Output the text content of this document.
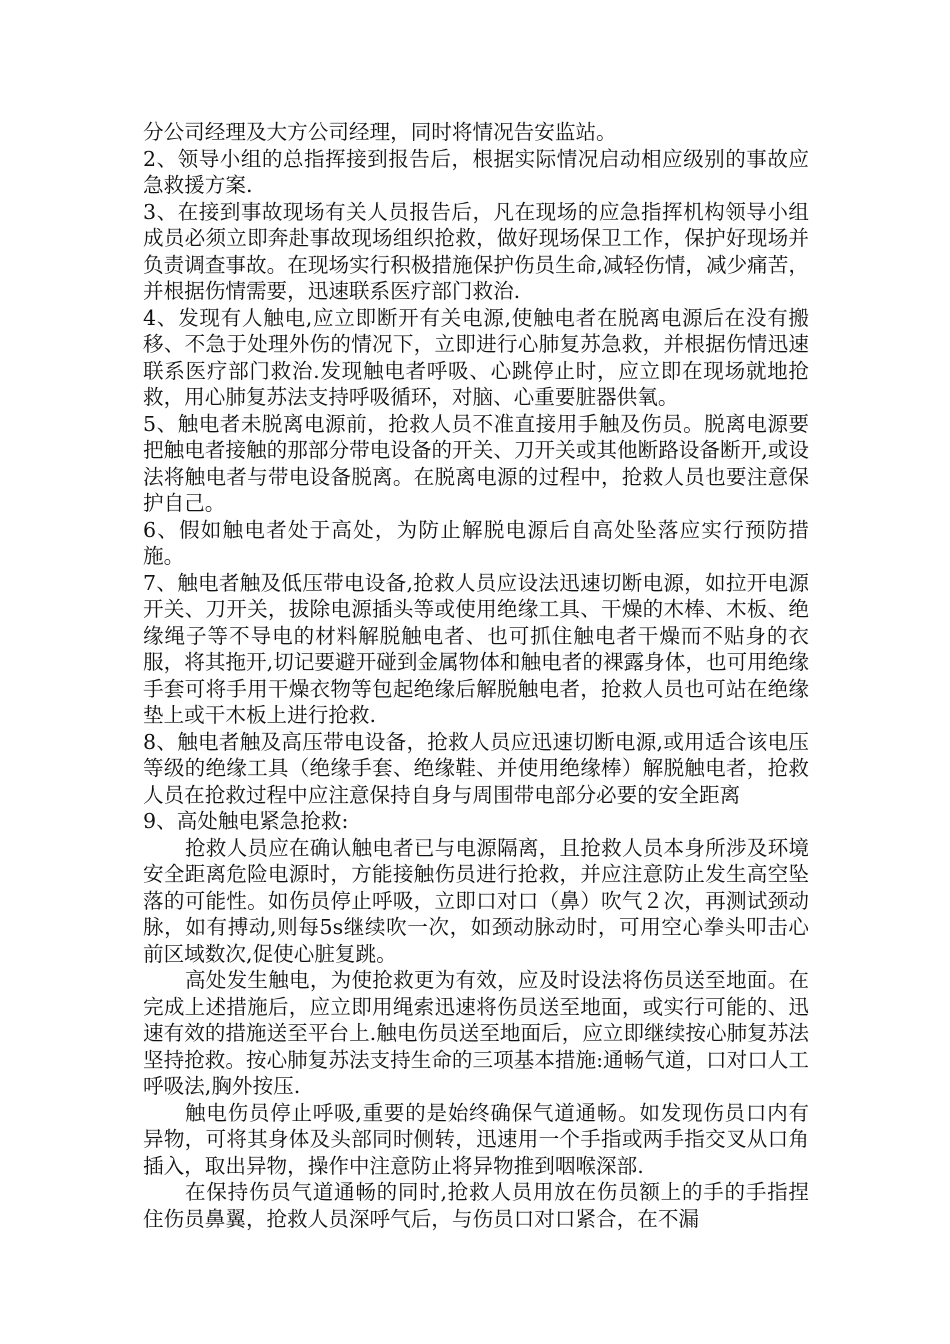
分公司经理及大方公司经理，同时将情况告安监站。

2、领导小组的总指挥接到报告后，根据实际情况启动相应级别的事故应急救援方案.

3、在接到事故现场有关人员报告后，凡在现场的应急指挥机构领导小组成员必须立即奔赴事故现场组织抢救，做好现场保卫工作，保护好现场并负责调查事故。在现场实行积极措施保护伤员生命,减轻伤情，减少痛苦，并根据伤情需要，迅速联系医疗部门救治.

4、发现有人触电,应立即断开有关电源,使触电者在脱离电源后在没有搬移、不急于处理外伤的情况下，立即进行心肺复苏急救，并根据伤情迅速联系医疗部门救治.发现触电者呼吸、心跳停止时，应立即在现场就地抢救，用心肺复苏法支持呼吸循环，对脑、心重要脏器供氧。

5、触电者未脱离电源前，抢救人员不准直接用手触及伤员。脱离电源要把触电者接触的那部分带电设备的开关、刀开关或其他断路设备断开,或设法将触电者与带电设备脱离。在脱离电源的过程中，抢救人员也要注意保护自己。

6、假如触电者处于高处，为防止解脱电源后自高处坠落应实行预防措施。

7、触电者触及低压带电设备,抢救人员应设法迅速切断电源，如拉开电源开关、刀开关，拔除电源插头等或使用绝缘工具、干燥的木棒、木板、绝缘绳子等不导电的材料解脱触电者、也可抓住触电者干燥而不贴身的衣服，将其拖开,切记要避开碰到金属物体和触电者的裸露身体，也可用绝缘手套可将手用干燥衣物等包起绝缘后解脱触电者，抢救人员也可站在绝缘垫上或干木板上进行抢救.

8、触电者触及高压带电设备，抢救人员应迅速切断电源,或用适合该电压等级的绝缘工具（绝缘手套、绝缘鞋、并使用绝缘棒）解脱触电者，抢救人员在抢救过程中应注意保持自身与周围带电部分必要的安全距离

9、高处触电紧急抢救:

抢救人员应在确认触电者已与电源隔离，且抢救人员本身所涉及环境安全距离危险电源时，方能接触伤员进行抢救，并应注意防止发生高空坠落的可能性。如伤员停止呼吸，立即口对口（鼻）吹气２次，再测试颈动脉，如有搏动,则每5s继续吹一次，如颈动脉动时，可用空心拳头叩击心前区域数次,促使心脏复跳。

高处发生触电，为使抢救更为有效，应及时设法将伤员送至地面。在完成上述措施后，应立即用绳索迅速将伤员送至地面，或实行可能的、迅速有效的措施送至平台上.触电伤员送至地面后，应立即继续按心肺复苏法坚持抢救。按心肺复苏法支持生命的三项基本措施:通畅气道，口对口人工呼吸法,胸外按压.

触电伤员停止呼吸,重要的是始终确保气道通畅。如发现伤员口内有异物，可将其身体及头部同时侧转，迅速用一个手指或两手指交叉从口角插入，取出异物，操作中注意防止将异物推到咽喉深部.

在保持伤员气道通畅的同时,抢救人员用放在伤员额上的手的手指捏住伤员鼻翼，抢救人员深呼气后，与伤员口对口紧合，在不漏
